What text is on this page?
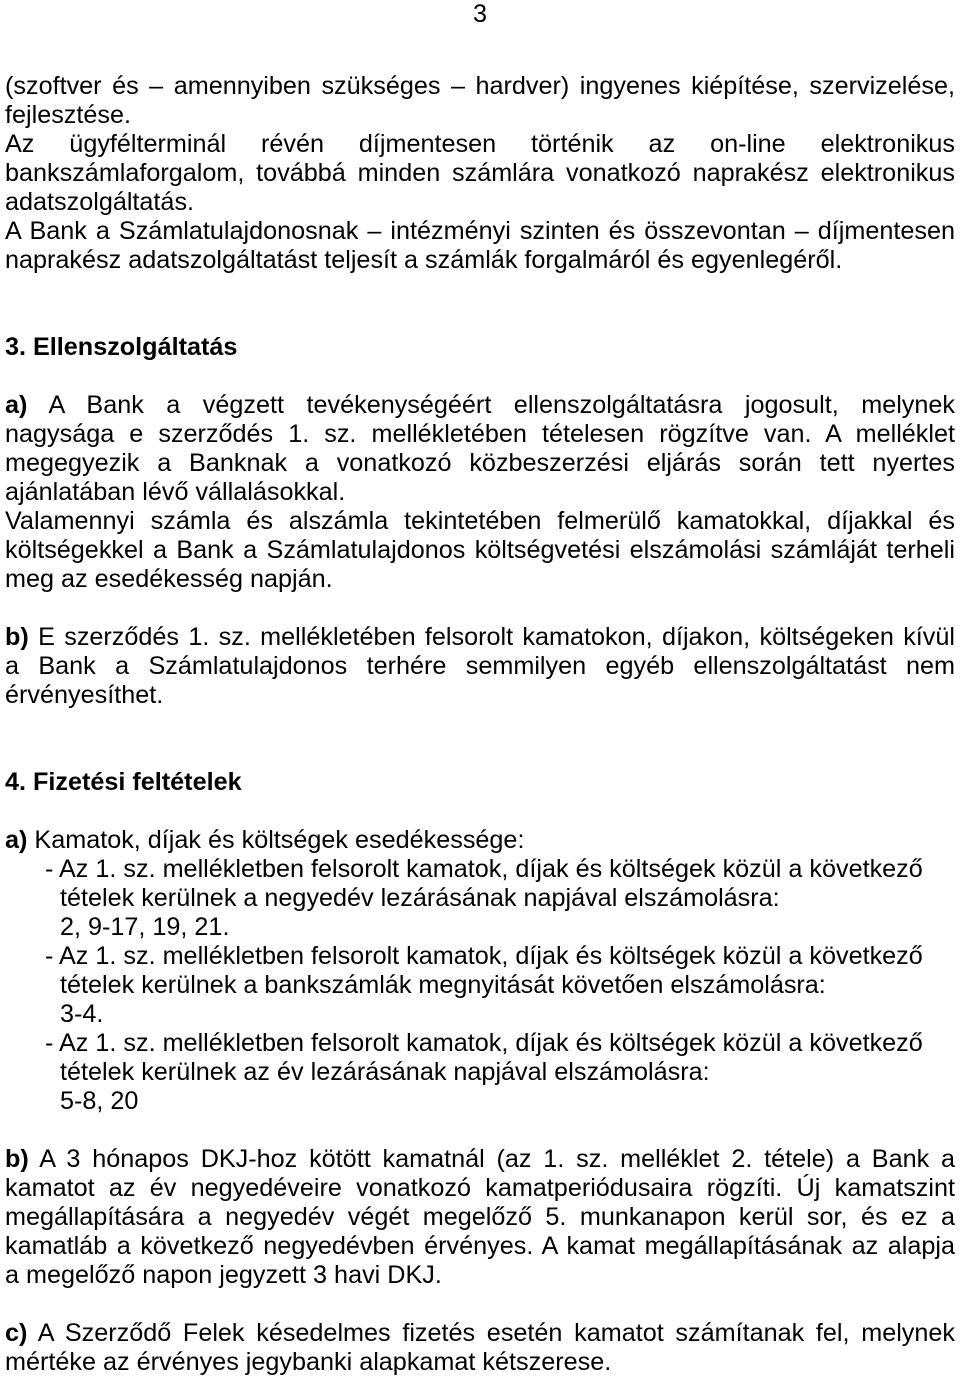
3
(szoftver és – amennyiben szükséges – hardver) ingyenes kiépítése, szervizelése,
fejlesztése.
Az ügyfélterminál révén díjmentesen történik az on-line elektronikus
bankszámlaforgalom, továbbá minden számlára vonatkozó naprakész elektronikus
adatszolgáltatás.
A Bank a Számlatulajdonosnak – intézményi szinten és összevontan – díjmentesen
naprakész adatszolgáltatást teljesít a számlák forgalmáról és egyenlegéről.
3. Ellenszolgáltatás
a) A Bank a végzett tevékenységéért ellenszolgáltatásra jogosult, melynek
nagysága e szerződés 1. sz. mellékletében tételesen rögzítve van. A melléklet
megegyezik a Banknak a vonatkozó közbeszerzési eljárás során tett nyertes
ajánlatában lévő vállalásokkal.
Valamennyi számla és alszámla tekintetében felmerülő kamatokkal, díjakkal és
költségekkel a Bank a Számlatulajdonos költségvetési elszámolási számláját terheli
meg az esedékesség napján.
b) E szerződés 1. sz. mellékletében felsorolt kamatokon, díjakon, költségeken kívül
a Bank a Számlatulajdonos terhére semmilyen egyéb ellenszolgáltatást nem
érvényesíthet.
4. Fizetési feltételek
a) Kamatok, díjak és költségek esedékessége:
- Az 1. sz. mellékletben felsorolt kamatok, díjak és költségek közül a következő
tételek kerülnek a negyedév lezárásának napjával elszámolásra:
2, 9-17, 19, 21.
- Az 1. sz. mellékletben felsorolt kamatok, díjak és költségek közül a következő
tételek kerülnek a bankszámlák megnyitását követően elszámolásra:
3-4.
- Az 1. sz. mellékletben felsorolt kamatok, díjak és költségek közül a következő
tételek kerülnek az év lezárásának napjával elszámolásra:
5-8, 20
b) A 3 hónapos DKJ-hoz kötött kamatnál (az 1. sz. melléklet 2. tétele) a Bank a
kamatot az év negyedéveire vonatkozó kamatperiódusaira rögzíti. Új kamatszint
megállapítására a negyedév végét megelőző 5. munkanapon kerül sor, és ez a
kamatláb a következő negyedévben érvényes. A kamat megállapításának az alapja
a megelőző napon jegyzett 3 havi DKJ.
c) A Szerződő Felek késedelmes fizetés esetén kamatot számítanak fel, melynek
mértéke az érvényes jegybanki alapkamat kétszerese.
